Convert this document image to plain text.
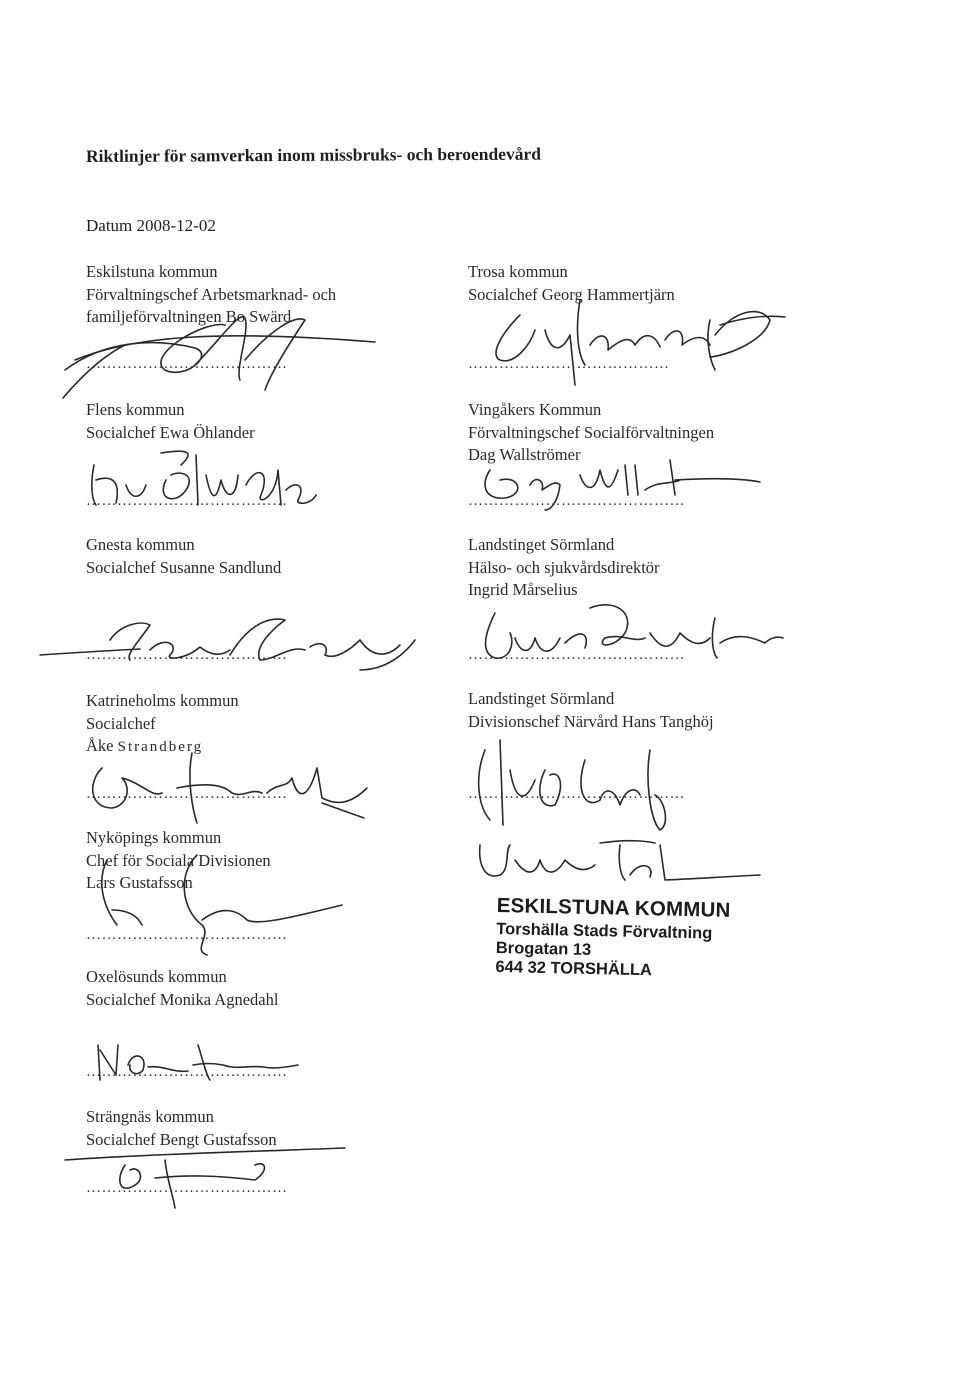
Riktlinjer för samverkan inom missbruks- och beroendevård
Datum 2008-12-02
Eskilstuna kommun
Förvaltningschef Arbetsmarknad- och
familjeförvaltningen Bo Swärd
…………………………………
Flens kommun
Socialchef Ewa Öhlander
…………………………………
Gnesta kommun
Socialchef Susanne Sandlund
…………………………………
Katrineholms kommun
Socialchef
Åke Strandberg
…………………………………
Nyköpings kommun
Chef för Sociala Divisionen
Lars Gustafsson
…………………………………
Oxelösunds kommun
Socialchef Monika Agnedahl
…………………………………
Strängnäs kommun
Socialchef Bengt Gustafsson
…………………………………
Trosa kommun
Socialchef Georg Hammertjärn
…………………………………
Vingåkers Kommun
Förvaltningschef Socialförvaltningen
Dag Wallströmer
……………………………………
Landstinget Sörmland
Hälso- och sjukvårdsdirektör
Ingrid Mårselius
……………………………………
Landstinget Sörmland
Divisionschef Närvård Hans Tanghöj
……………………………………
ESKILSTUNA KOMMUN
Torshälla Stads Förvaltning
Brogatan 13
644 32 TORSHÄLLA
